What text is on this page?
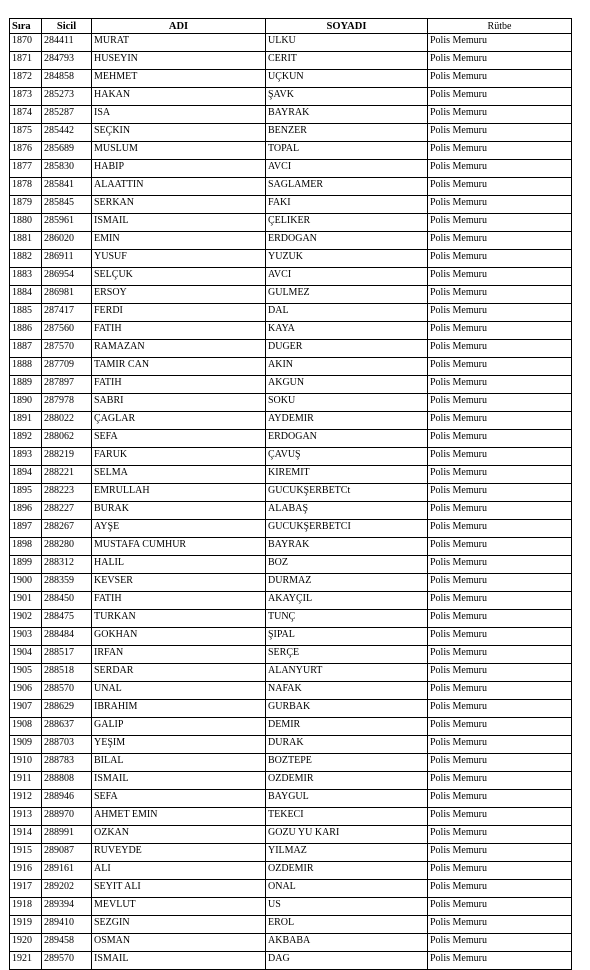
Sıra	Sicil	ADI	SOYADI	Rütbe
1870	284411	MURAT	ULKU	Polis Memuru
1871	284793	HUSEYIN	CERIT	Polis Memuru
1872	284858	MEHMET	UÇKUN	Polis Memuru
1873	285273	HAKAN	ŞAVK	Polis Memuru
1874	285287	ISA	BAYRAK	Polis Memuru
1875	285442	SEÇKIN	BENZER	Polis Memuru
1876	285689	MUSLUM	TOPAL	Polis Memuru
1877	285830	HABIP	AVCI	Polis Memuru
1878	285841	ALAATTIN	SAGLAMER	Polis Memuru
1879	285845	SERKAN	FAKI	Polis Memuru
1880	285961	ISMAIL	ÇELIKER	Polis Memuru
1881	286020	EMIN	ERDOGAN	Polis Memuru
1882	286911	YUSUF	YUZUK	Polis Memuru
1883	286954	SELÇUK	AVCI	Polis Memuru
1884	286981	ERSOY	GULMEZ	Polis Memuru
1885	287417	FERDI	DAL	Polis Memuru
1886	287560	FATIH	KAYA	Polis Memuru
1887	287570	RAMAZAN	DUGER	Polis Memuru
1888	287709	TAMIR CAN	AKIN	Polis Memuru
1889	287897	FATIH	AKGUN	Polis Memuru
1890	287978	SABRI	SOKU	Polis Memuru
1891	288022	ÇAGLAR	AYDEMIR	Polis Memuru
1892	288062	SEFA	ERDOGAN	Polis Memuru
1893	288219	FARUK	ÇAVUŞ	Polis Memuru
1894	288221	SELMA	KIREMIT	Polis Memuru
1895	288223	EMRULLAH	GUCUKŞERBETCt	Polis Memuru
1896	288227	BURAK	ALABAŞ	Polis Memuru
1897	288267	AYŞE	GUCUKŞERBETCI	Polis Memuru
1898	288280	MUSTAFA CUMHUR	BAYRAK	Polis Memuru
1899	288312	HALIL	BOZ	Polis Memuru
1900	288359	KEVSER	DURMAZ	Polis Memuru
1901	288450	FATIH	AKAYÇIL	Polis Memuru
1902	288475	TURKAN	TUNÇ	Polis Memuru
1903	288484	GOKHAN	ŞIPAL	Polis Memuru
1904	288517	IRFAN	SERÇE	Polis Memuru
1905	288518	SERDAR	ALANYURT	Polis Memuru
1906	288570	UNAL	NAFAK	Polis Memuru
1907	288629	IBRAHIM	GURBAK	Polis Memuru
1908	288637	GALIP	DEMIR	Polis Memuru
1909	288703	YEŞIM	DURAK	Polis Memuru
1910	288783	BILAL	BOZTEPE	Polis Memuru
1911	288808	ISMAIL	OZDEMIR	Polis Memuru
1912	288946	SEFA	BAYGUL	Polis Memuru
1913	288970	AHMET EMIN	TEKECI	Polis Memuru
1914	288991	OZKAN	GOZU YU KARI	Polis Memuru
1915	289087	RUVEYDE	YILMAZ	Polis Memuru
1916	289161	ALI	OZDEMIR	Polis Memuru
1917	289202	SEYIT ALI	ONAL	Polis Memuru
1918	289394	MEVLUT	US	Polis Memuru
1919	289410	SEZGIN	EROL	Polis Memuru
1920	289458	OSMAN	AKBABA	Polis Memuru
1921	289570	ISMAIL	DAG	Polis Memuru
